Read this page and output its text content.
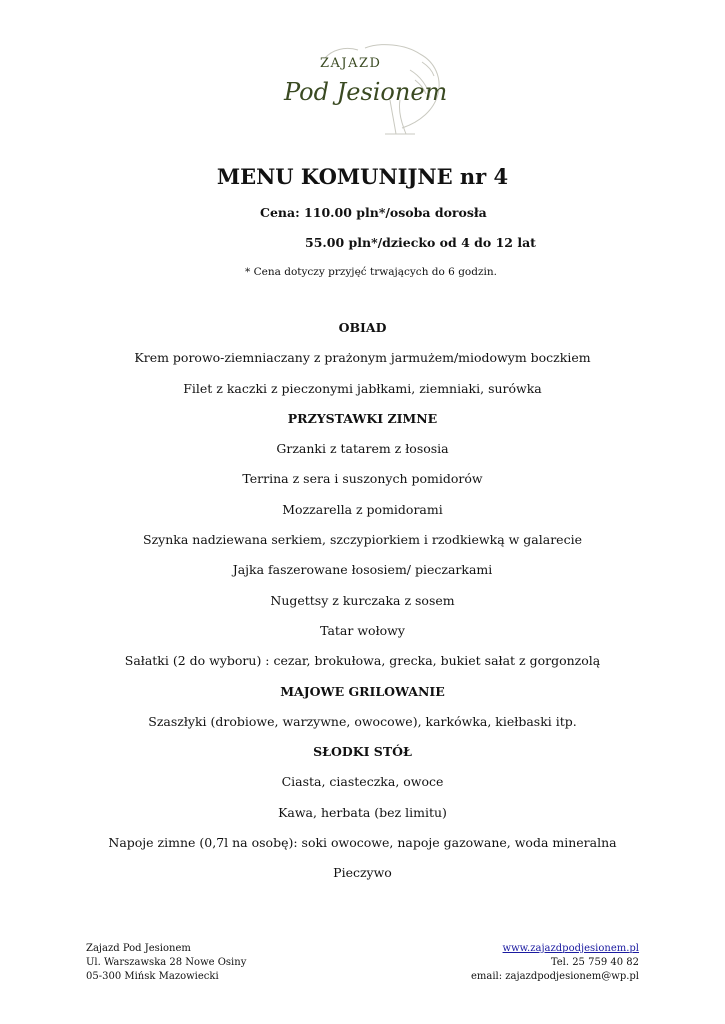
ZAJAZD
Pod Jesionem
MENU KOMUNIJNE nr 4
Cena: 110.00 pln*/osoba dorosła
55.00 pln*/dziecko od 4 do 12 lat
* Cena dotyczy przyjęć trwających do 6 godzin.
OBIAD
Krem porowo-ziemniaczany z prażonym jarmużem/miodowym boczkiem
Filet z kaczki z pieczonymi jabłkami, ziemniaki, surówka
PRZYSTAWKI ZIMNE
Grzanki z tatarem z łososia
Terrina z sera i suszonych pomidorów
Mozzarella z pomidorami
Szynka nadziewana serkiem, szczypiorkiem i rzodkiewką w galarecie
Jajka faszerowane łososiem/ pieczarkami
Nugettsy z kurczaka z sosem
Tatar wołowy
Sałatki (2 do wyboru) : cezar, brokułowa, grecka, bukiet sałat z gorgonzolą
MAJOWE GRILOWANIE
Szaszłyki (drobiowe, warzywne, owocowe), karkówka, kiełbaski itp.
SŁODKI STÓŁ
Ciasta, ciasteczka, owoce
Kawa, herbata (bez limitu)
Napoje zimne (0,7l na osobę): soki owocowe, napoje gazowane, woda mineralna
Pieczywo
Zajazd Pod Jesionem
Ul. Warszawska 28 Nowe Osiny
05-300 Mińsk Mazowiecki
www.zajazdpodjesionem.pl
Tel. 25 759 40 82
email: zajazdpodjesionem@wp.pl
